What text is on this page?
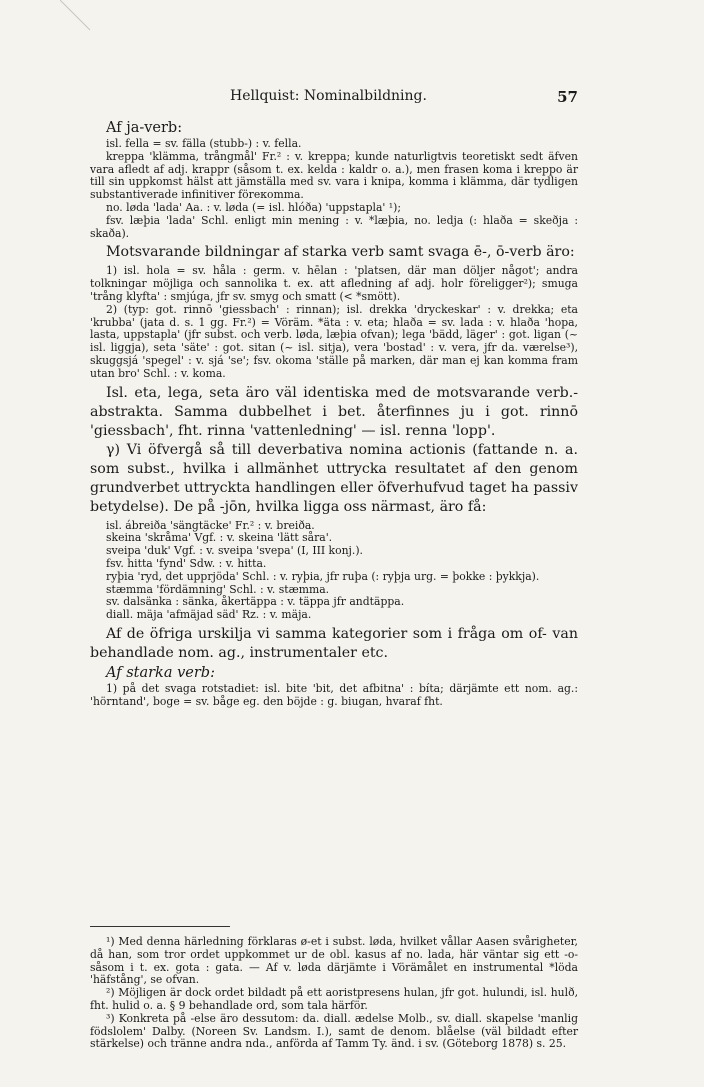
Hellquist: Nominalbildning.	57

Af ja-verb:

isl. fella = sv. fälla (stubb-) : v. fella.

kreppa 'klämma, trångmål' Fr.² : v. kreppa; kunde naturligtvis teoretiskt sedt äfven vara afledt af adj. krappr (såsom t. ex. kelda : kaldr o. a.), men frasen koma i kreppo är till sin uppkomst hälst att jämställa med sv. vara i knipa, komma i klämma, där tydligen substantiverade infinitiver föreкomma.

no. løda 'lada' Aa. : v. løda (= isl. hlóða) 'uppstapla' ¹);

fsv. læþia 'lada' Schl. enligt min mening : v. *læþia, no. ledja (: hlaða = skeðja : skaða).

Motsvarande bildningar af starka verb samt svaga ē-, ō-verb äro:

1) isl. hola = sv. håla : germ. v. hēlan : 'platsen, där man döljer något'; andra tolkningar möjliga och sannolika t. ex. att afledning af adj. holr föreligger²); smuga 'trång klyfta' : smjúga, jfr sv. smyg och smatt (< *smött).

2) (typ: got. rinnō 'giessbach' : rinnan); isl. drekka 'dryckeskar' : v. drekka; eta 'krubba' (jata d. s. 1 gg. Fr.²) = Vöräm. *äta : v. eta; hlaða = sv. lada : v. hlaða 'hopa, lasta, uppstapla' (jfr subst. och verb. løda, læþia ofvan); lega 'bädd, läger' : got. ligan (~ isl. liggja), seta 'säte' : got. sitan (~ isl. sitja), vera 'bostad' : v. vera, jfr da. værelse³), skuggsjá 'spegel' : v. sjá 'se'; fsv. okoma 'ställe på marken, där man ej kan komma fram utan bro' Schl. : v. koma.

Isl. eta, lega, seta äro väl identiska med de motsvarande verb.-abstrakta. Samma dubbelhet i bet. återfinnes ju i got. rinnō 'giessbach', fht. rinna 'vattenledning' — isl. renna 'lopp'.

γ) Vi öfvergå så till deverbativa nomina actionis (fattande n. a. som subst., hvilka i allmänhet uttrycka resultatet af den genom grundverbet uttryckta handlingen eller öfverhufvud taget ha passiv betydelse). De på -jōn, hvilka ligga oss närmast, äro få:

isl. ábreiða 'sängtäcke' Fr.² : v. breiða.

skeina 'skråma' Vgf. : v. skeina 'lätt såra'.

sveipa 'duk' Vgf. : v. sveipa 'svepa' (I, III konj.).

fsv. hitta 'fynd' Sdw. : v. hitta.

ryþia 'ryd, det upprjöda' Schl. : v. ryþia, jfr ruþa (: ryþja urg. = þokke : þykkja).

stæmma 'fördämning' Schl. : v. stæmma.

sv. dalsänka : sänka, åkertäppa : v. täppa jfr andtäppa.

diall. mäja 'afmäjad säd' Rz. : v. mäja.

Af de öfriga urskilja vi samma kategorier som i fråga om of- van behandlade nom. ag., instrumentaler etc.

Af starka verb:

1) på det svaga rotstadiet: isl. bite 'bit, det afbitna' : bíta; därjämte ett nom. ag.: 'hörntand', boge = sv. båge eg. den böjde : g. biugan, hvaraf fht.

¹) Med denna härledning förklaras ø-et i subst. løda, hvilket vållar Aasen svårigheter, då han, som tror ordet uppkommet ur de obl. kasus af no. lada, här väntar sig ett -o- såsom i t. ex. gota : gata. — Af v. løda därjämte i Vörämålet en instrumental *löda 'häfstång', se ofvan.

²) Möjligen är dock ordet bildadt på ett aoristpresens hulan, jfr got. hulundi, isl. hulð, fht. hulid o. a. § 9 behandlade ord, som tala härför.

³) Konkreta på -else äro dessutom: da. diall. ædelse Molb., sv. diall. skapelse 'manlig födslolem' Dalby. (Noreen Sv. Landsm. I.), samt de denom. blåelse (väl bildadt efter stärkelse) och tränne andra nda., anförda af Tamm Ty. änd. i sv. (Göteborg 1878) s. 25.
